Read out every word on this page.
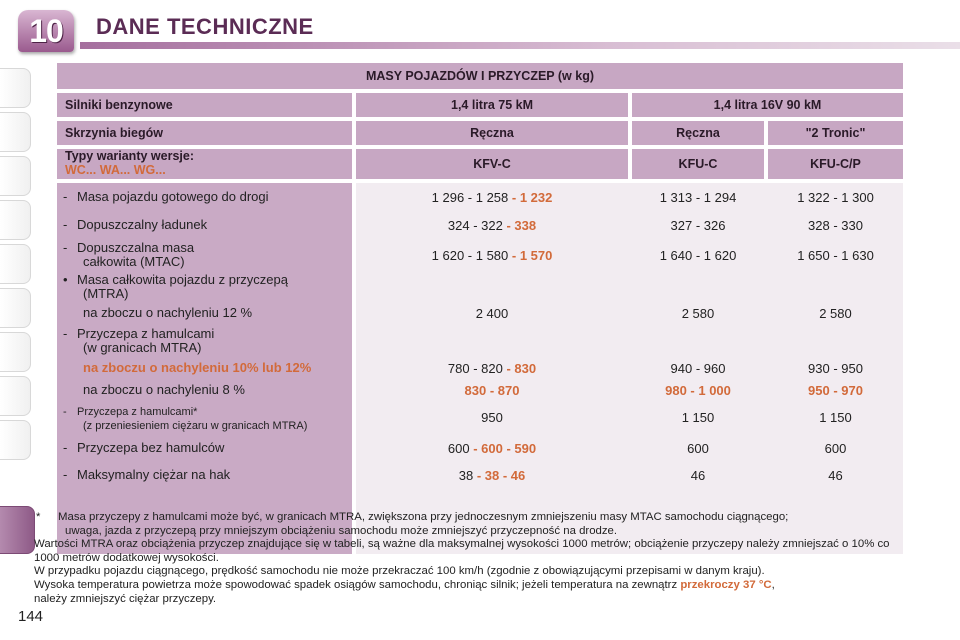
10 DANE TECHNICZNE
MASY POJAZDÓW I PRZYCZEP (w kg)
Silniki benzynowe	1,4 litra 75 kM	1,4 litra 16V 90 kM
Skrzynia biegów	Ręczna	Ręczna	"2 Tronic"
Typy warianty wersje:
WC... WA... WG...	KFV-C	KFU-C	KFU-C/P
- Masa pojazdu gotowego do drogi	1 296 - 1 258 - 1 232	1 313 - 1 294	1 322 - 1 300
- Dopuszczalny ładunek	324 - 322 - 338	327 - 326	328 - 330
- Dopuszczalna masa
całkowita (MTAC)	1 620 - 1 580 - 1 570	1 640 - 1 620	1 650 - 1 630
• Masa całkowita pojazdu z przyczepą
(MTRA)
na zboczu o nachyleniu 12 %	2 400	2 580	2 580
- Przyczepa z hamulcami
(w granicach MTRA)
na zboczu o nachyleniu 10% lub 12%	780 - 820 - 830	940 - 960	930 - 950
na zboczu o nachyleniu 8 %	830 - 870	980 - 1 000	950 - 970
- Przyczepa z hamulcami*
(z przeniesieniem ciężaru w granicach MTRA)
950	1 150	1 150
- Przyczepa bez hamulców	600 - 600 - 590	600	600
- Maksymalny ciężar na hak	38 - 38 - 46	46	46

* Masa przyczepy z hamulcami może być, w granicach MTRA, zwiększona przy jednoczesnym zmniejszeniu masy MTAC samochodu ciągnącego;

uwaga, jazda z przyczepą przy mniejszym obciążeniu samochodu może zmniejszyć przyczepność na drodze.

Wartości MTRA oraz obciążenia przyczep znajdujące się w tabeli, są ważne dla maksymalnej wysokości 1000 metrów; obciążenie przyczepy należy zmniejszać o 10% co 1000 metrów dodatkowej wysokości.

W przypadku pojazdu ciągnącego, prędkość samochodu nie może przekraczać 100 km/h (zgodnie z obowiązującymi przepisami w danym kraju).

Wysoka temperatura powietrza może spowodować spadek osiągów samochodu, chroniąc silnik; jeżeli temperatura na zewnątrz przekroczy 37 °C,

należy zmniejszyć ciężar przyczepy.

144
